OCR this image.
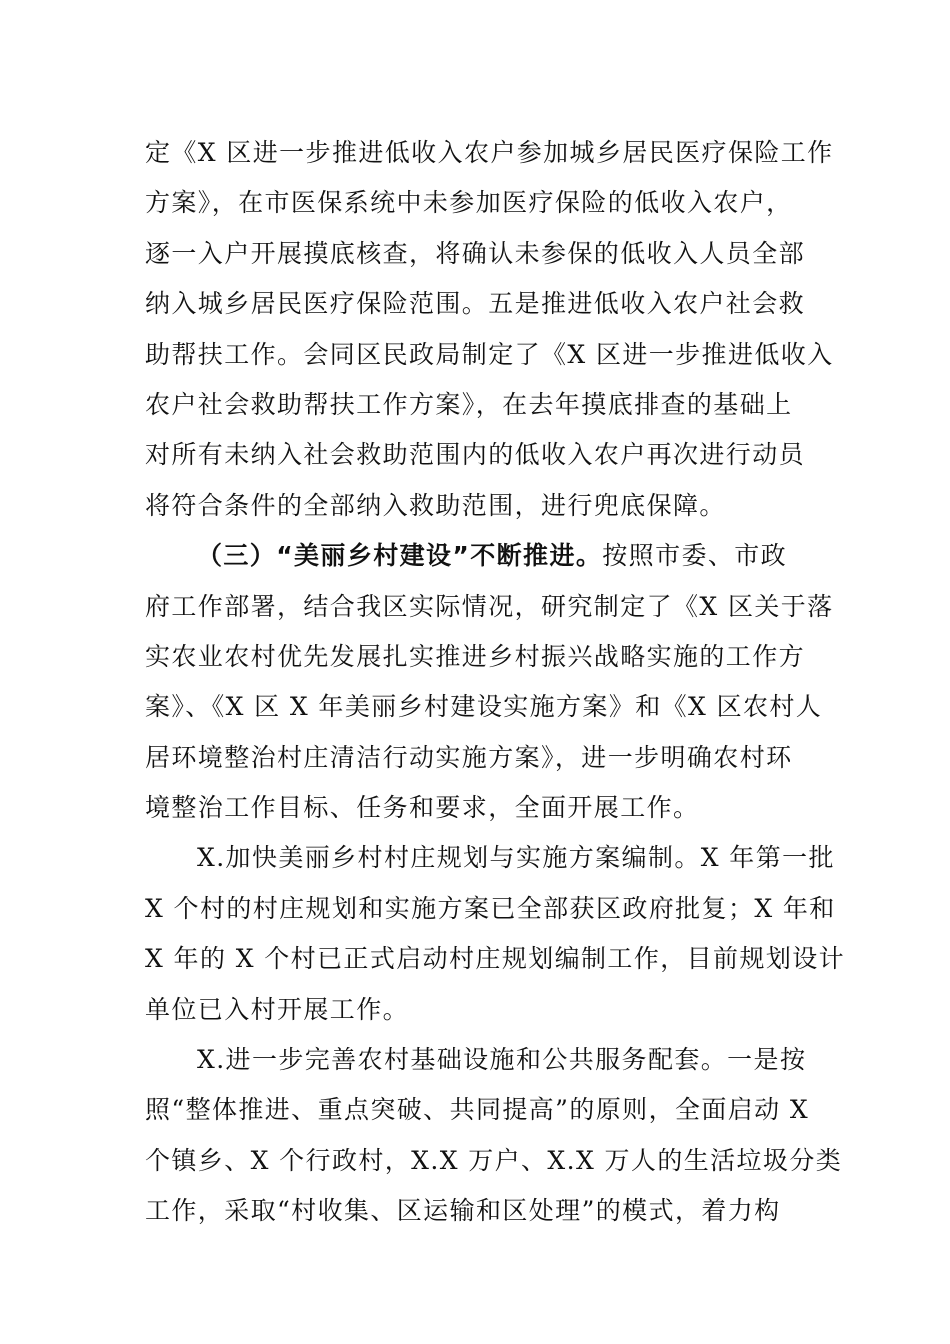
定《X 区进一步推进低收入农户参加城乡居民医疗保险工作
方案》，在市医保系统中未参加医疗保险的低收入农户，
逐一入户开展摸底核查，将确认未参保的低收入人员全部
纳入城乡居民医疗保险范围。五是推进低收入农户社会救
助帮扶工作。会同区民政局制定了《X 区进一步推进低收入
农户社会救助帮扶工作方案》，在去年摸底排查的基础上
对所有未纳入社会救助范围内的低收入农户再次进行动员
将符合条件的全部纳入救助范围，进行兜底保障。
（三）“美丽乡村建设”不断推进。按照市委、市政
府工作部署，结合我区实际情况，研究制定了《X 区关于落
实农业农村优先发展扎实推进乡村振兴战略实施的工作方
案》、《X 区 X 年美丽乡村建设实施方案》和《X 区农村人
居环境整治村庄清洁行动实施方案》，进一步明确农村环
境整治工作目标、任务和要求，全面开展工作。
X.加快美丽乡村村庄规划与实施方案编制。X 年第一批
X 个村的村庄规划和实施方案已全部获区政府批复；X 年和
X 年的 X 个村已正式启动村庄规划编制工作，目前规划设计
单位已入村开展工作。
X.进一步完善农村基础设施和公共服务配套。一是按
照“整体推进、重点突破、共同提高”的原则，全面启动 X
个镇乡、X 个行政村，X.X 万户、X.X 万人的生活垃圾分类
工作，采取“村收集、区运输和区处理”的模式，着力构
